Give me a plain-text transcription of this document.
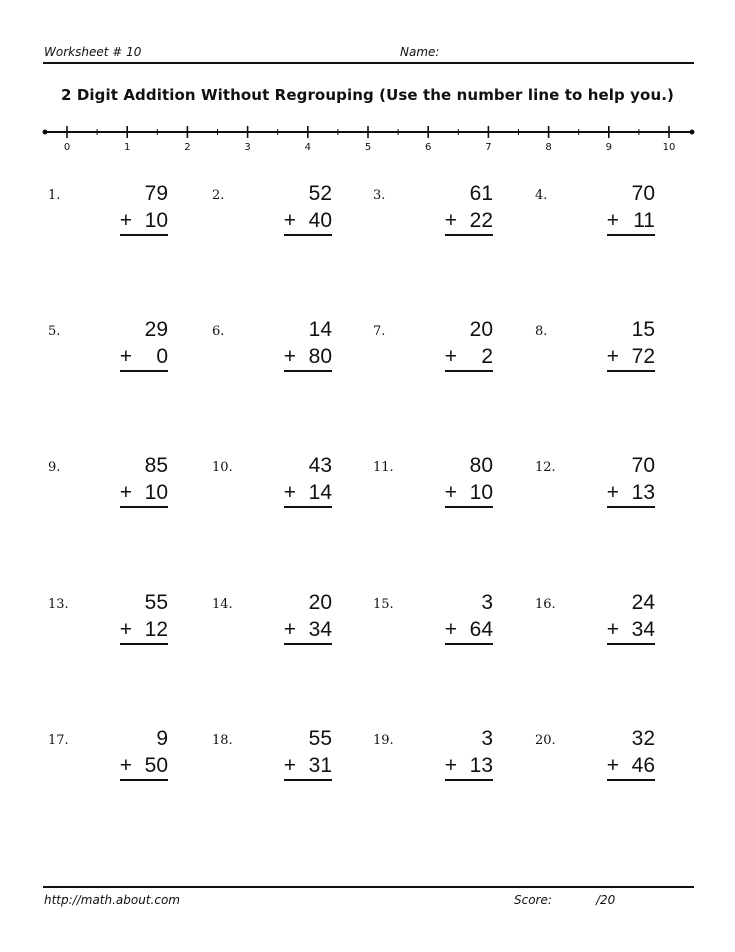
Worksheet # 10	Name:
2 Digit Addition Without Regrouping (Use the number line to help you.)
0	1	2	3	4	5	6	7	8	9	10
1.	79
+ 10
2.	52
+ 40
3.	61
+ 22
4.	70
+ 11
5.	29
+ 0
6.	14
+ 80
7.	20
+ 2
8.	15
+ 72
9.	85
+ 10
10.	43
+ 14
11.	80
+ 10
12.	70
+ 13
13.	55
+ 12
14.	20
+ 34
15.	3
+ 64
16.	24
+ 34
17.	9
+ 50
18.	55
+ 31
19.	3
+ 13
20.	32
+ 46
http://math.about.com	Score:	/20
